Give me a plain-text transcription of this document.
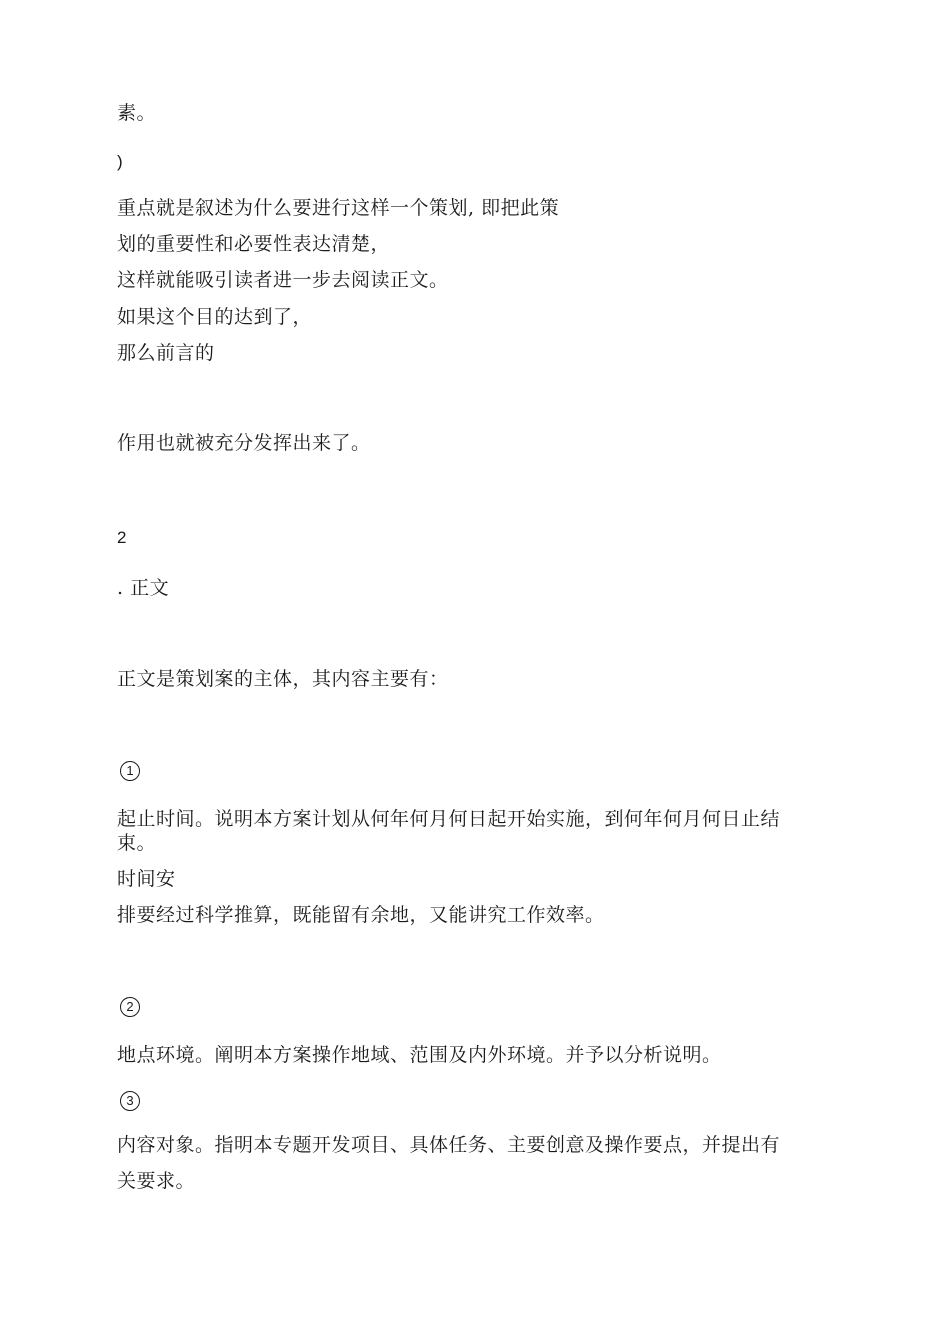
素。
)
重点就是叙述为什么要进行这样一个策划, 即把此策
划的重要性和必要性表达清楚，
这样就能吸引读者进一步去阅读正文。
如果这个目的达到了，
那么前言的
作用也就被充分发挥出来了。
2
. 正文
正文是策划案的主体，其内容主要有：
1
起止时间。说明本方案计划从何年何月何日起开始实施，到何年何月何日止结
束。
时间安
排要经过科学推算，既能留有余地，又能讲究工作效率。
2
地点环境。阐明本方案操作地域、范围及内外环境。并予以分析说明。
3
内容对象。指明本专题开发项目、具体任务、主要创意及操作要点，并提出有
关要求。
